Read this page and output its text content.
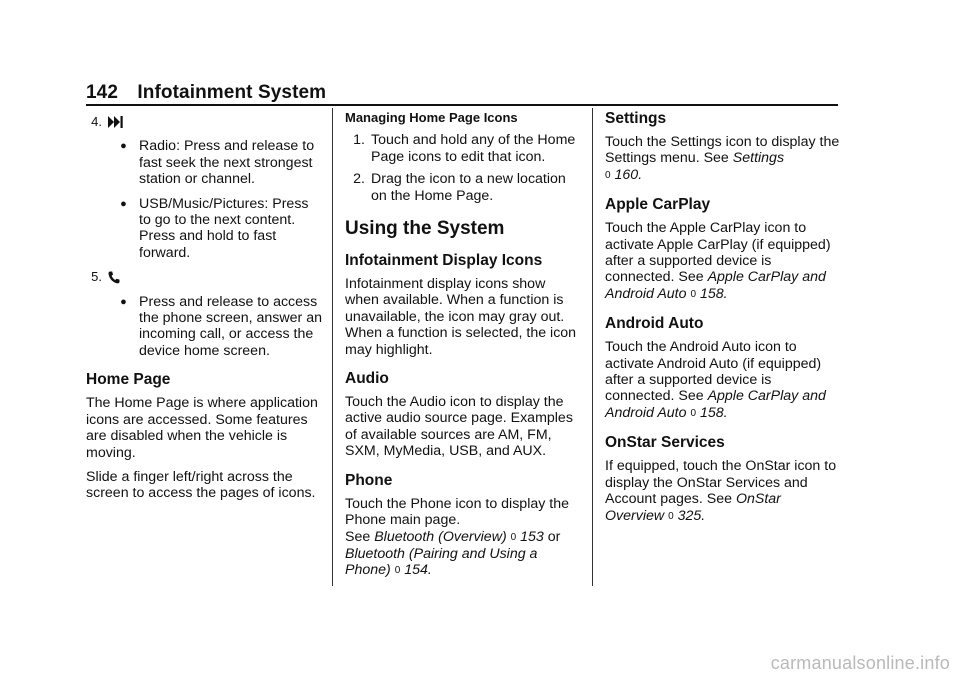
142 Infotainment System
4.
● Radio: Press and release to fast seek the next strongest station or channel.
● USB/Music/Pictures: Press to go to the next content. Press and hold to fast forward.
5.
● Press and release to access the phone screen, answer an incoming call, or access the device home screen.
Home Page

The Home Page is where application icons are accessed. Some features are disabled when the vehicle is moving.

Slide a finger left/right across the screen to access the pages of icons.

Managing Home Page Icons
1. Touch and hold any of the Home Page icons to edit that icon.
2. Drag the icon to a new location on the Home Page.
Using the System
Infotainment Display Icons

Infotainment display icons show when available. When a function is unavailable, the icon may gray out. When a function is selected, the icon may highlight.

Audio

Touch the Audio icon to display the active audio source page. Examples of available sources are AM, FM, SXM, MyMedia, USB, and AUX.

Phone

Touch the Phone icon to display the Phone main page.
See Bluetooth (Overview) 0 153 or
Bluetooth (Pairing and Using a Phone) 0 154.

Settings

Touch the Settings icon to display the Settings menu. See Settings
0 160.

Apple CarPlay

Touch the Apple CarPlay icon to activate Apple CarPlay (if equipped) after a supported device is connected. See Apple CarPlay and Android Auto 0 158.

Android Auto

Touch the Android Auto icon to activate Android Auto (if equipped) after a supported device is connected. See Apple CarPlay and Android Auto 0 158.

OnStar Services

If equipped, touch the OnStar icon to display the OnStar Services and Account pages. See OnStar Overview 0 325.

carmanualsonline.info
